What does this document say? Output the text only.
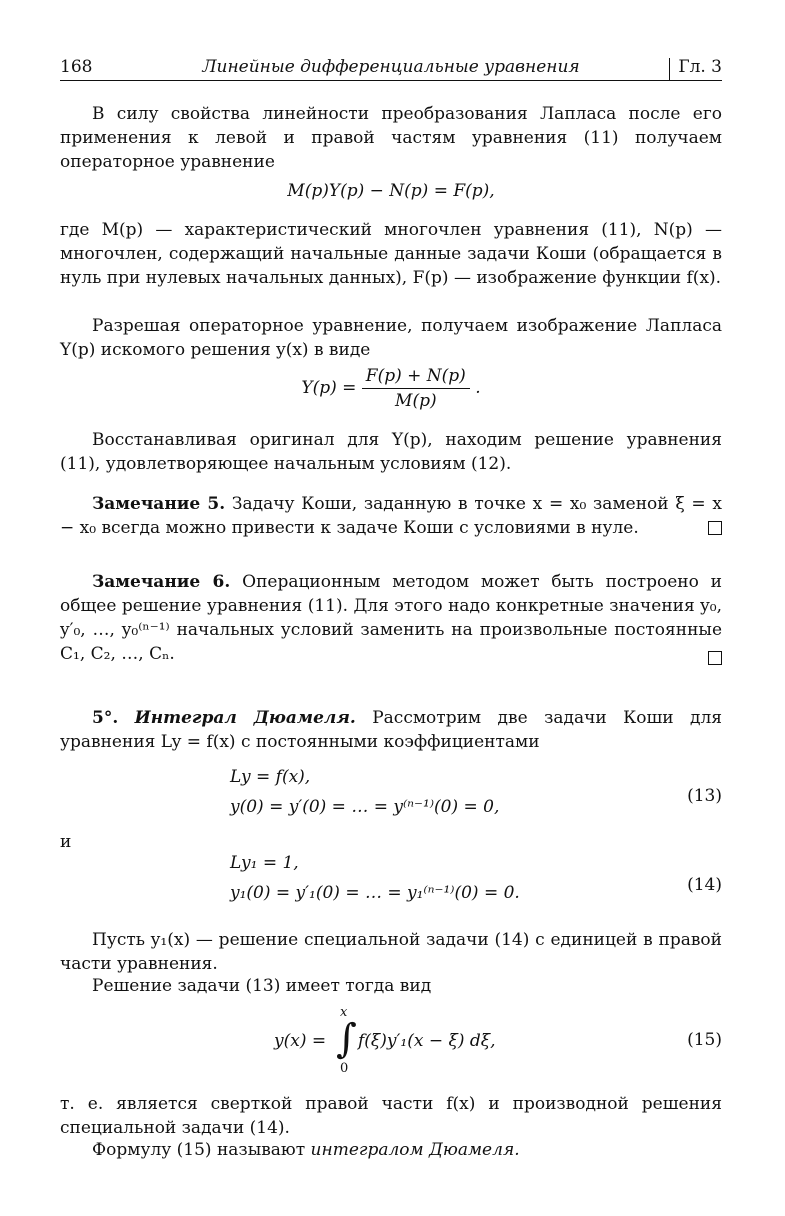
168	Линейные дифференциальные уравнения	Гл. 3

В силу свойства линейности преобразования Лапласа после его применения к левой и правой частям уравнения (11) получаем операторное уравнение

M(p)Y(p) − N(p) = F(p),

где M(p) — характеристический многочлен уравнения (11), N(p) — многочлен, содержащий начальные данные задачи Коши (обращается в нуль при нулевых начальных данных), F(p) — изображение функции f(x).

Разрешая операторное уравнение, получаем изображение Лапласа Y(p) искомого решения y(x) в виде

$Y(p) = \frac{F(p) + N(p)}{M(p)}$ .

Восстанавливая оригинал для Y(p), находим решение уравнения (11), удовлетворяющее начальным условиям (12).

Замечание 5. Задачу Коши, заданную в точке x = x₀ заменой ξ = x − x₀ всегда можно привести к задаче Коши с условиями в нуле.

Замечание 6. Операционным методом может быть построено и общее решение уравнения (11). Для этого надо конкретные значения y₀, y′₀, …, y₀⁽ⁿ⁻¹⁾ начальных условий заменить на произвольные постоянные C₁, C₂, …, Cₙ.

5°. Интеграл Дюамеля. Рассмотрим две задачи Коши для уравнения Ly = f(x) с постоянными коэффициентами

Ly = f(x),
y(0) = y′(0) = … = y⁽ⁿ⁻¹⁾(0) = 0,
(13)

и

Ly₁ = 1,
y₁(0) = y′₁(0) = … = y₁⁽ⁿ⁻¹⁾(0) = 0.	(14)

Пусть y₁(x) — решение специальной задачи (14) с единицей в правой части уравнения.

Решение задачи (13) имеет тогда вид

y(x) =
x
∫
0
f(ξ)y′₁(x − ξ) dξ,	(15)

т. е. является сверткой правой части f(x) и производной решения специальной задачи (14).

Формулу (15) называют интегралом Дюамеля.
